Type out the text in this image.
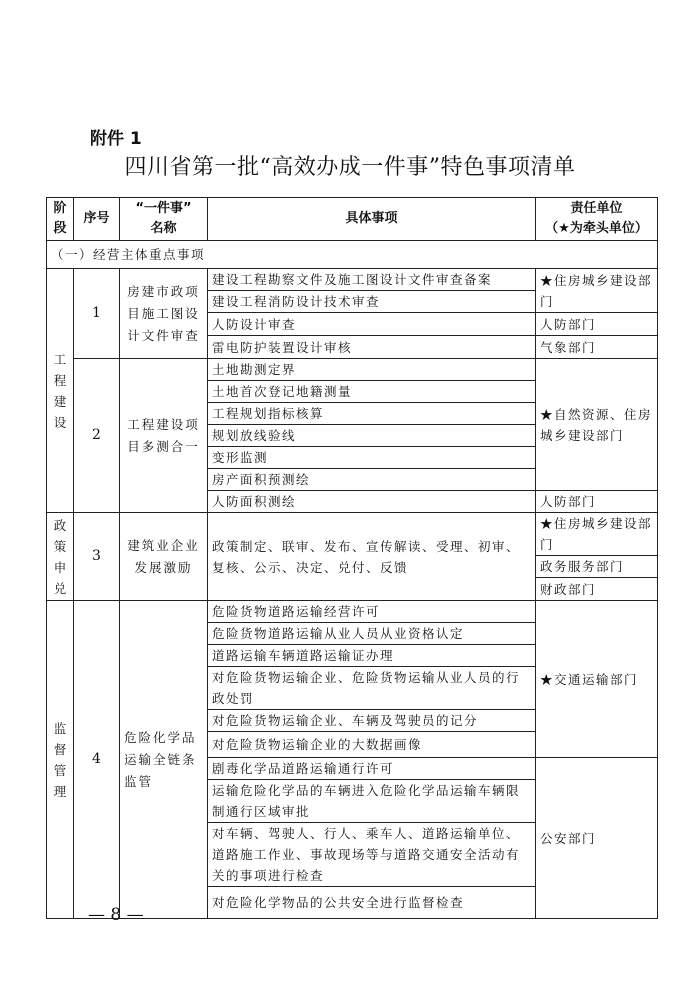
附件 1
四川省第一批“高效办成一件事”特色事项清单
阶
段	序号	“一件事”
名称	具体事项	责任单位
（★为牵头单位）

（一）经营主体重点事项				

工
程
建
设	1	房建市政项目施工图设计文件审查	建设工程勘察文件及施工图设计文件审查备案	★住房城乡建设部门
			建设工程消防设计技术审查	
			人防设计审查	人防部门
			雷电防护装置设计审核	气象部门
	2	工程建设项目多测合一	土地勘测定界	★自然资源、住房城乡建设部门
			土地首次登记地籍测量	
			工程规划指标核算	
			规划放线验线	
			变形监测	
			房产面积预测绘	
			人防面积测绘	人防部门

政
策
申
兑	3	建筑业企业发展激励	政策制定、联审、发布、宣传解读、受理、初审、复核、公示、决定、兑付、反馈	★住房城乡建设部门
				政务服务部门
				财政部门

监
督
管
理	4	危险化学品运输全链条监管	危险货物道路运输经营许可	★交通运输部门
			危险货物道路运输从业人员从业资格认定	
			道路运输车辆道路运输证办理	
			对危险货物运输企业、危险货物运输从业人员的行政处罚	
			对危险货物运输企业、车辆及驾驶员的记分	
			对危险货物运输企业的大数据画像	
			剧毒化学品道路运输通行许可	公安部门
			运输危险化学品的车辆进入危险化学品运输车辆限制通行区域审批	
			对车辆、驾驶人、行人、乘车人、道路运输单位、道路施工作业、事故现场等与道路交通安全活动有关的事项进行检查	
			对危险化学物品的公共安全进行监督检查	
— 8 —
